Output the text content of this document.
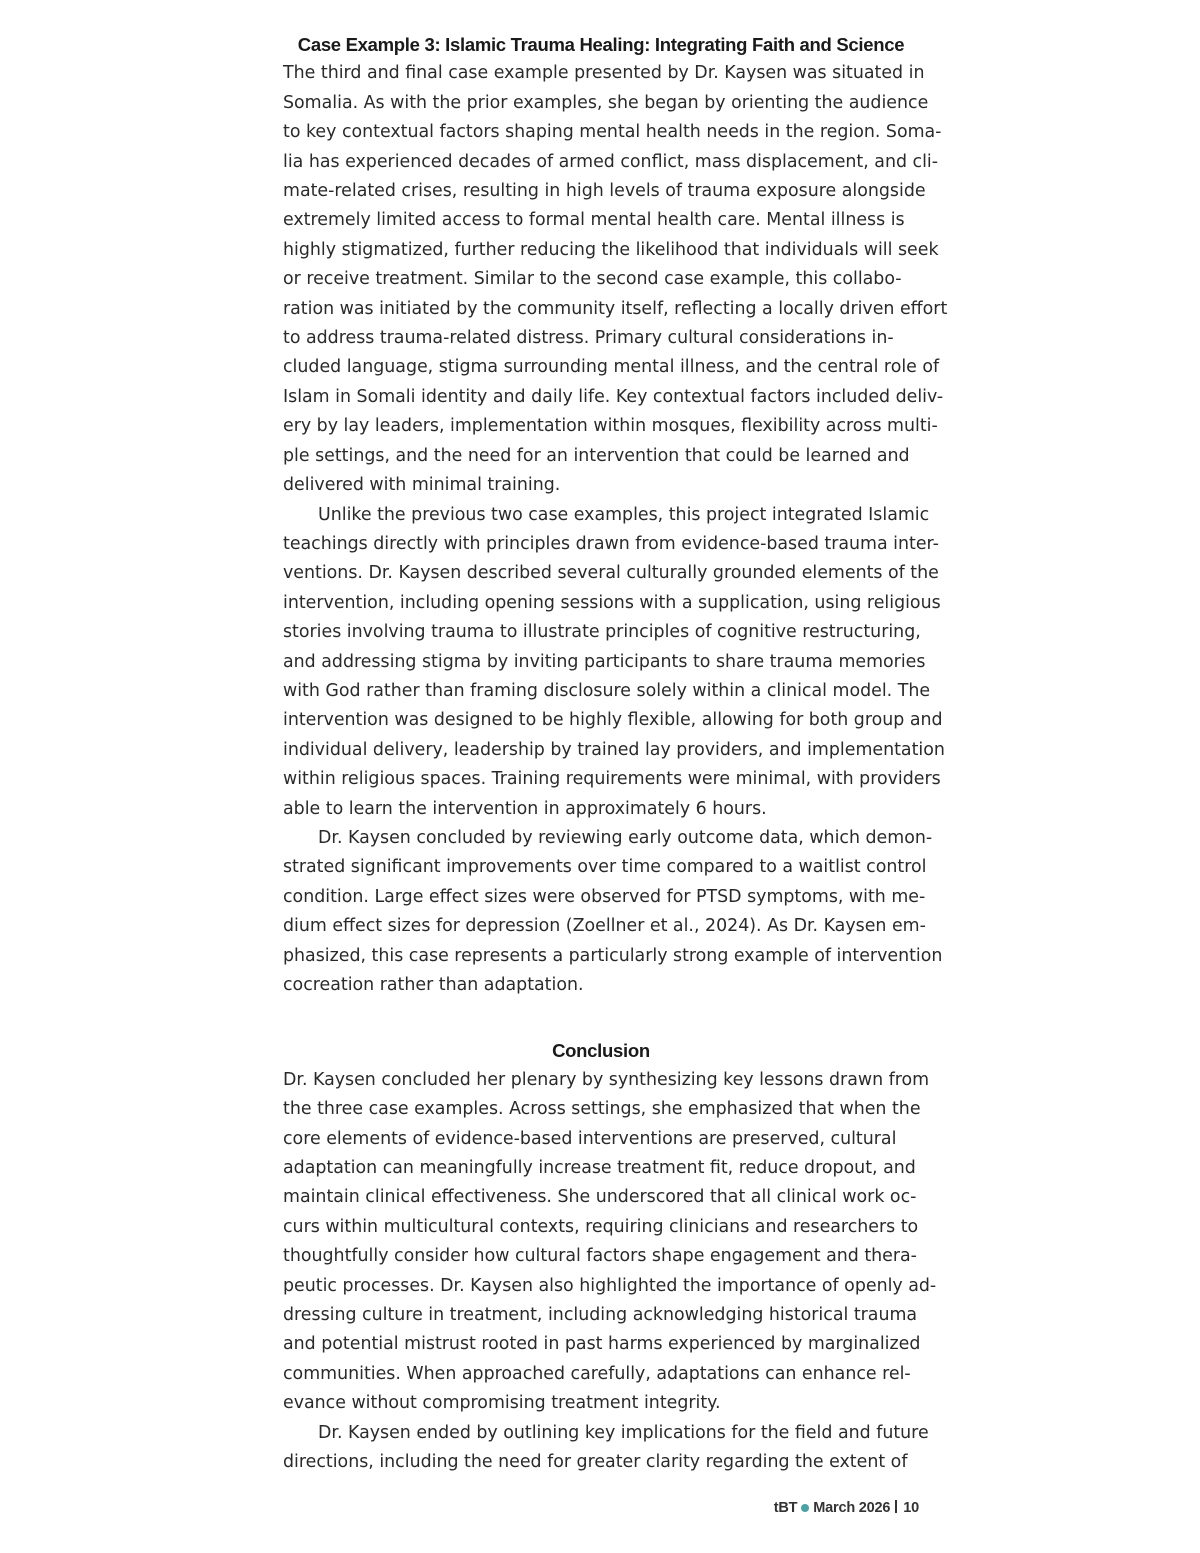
Case Example 3: Islamic Trauma Healing: Integrating Faith and Science

The third and final case example presented by Dr. Kaysen was situated in
Somalia. As with the prior examples, she began by orienting the audience
to key contextual factors shaping mental health needs in the region. Soma-
lia has experienced decades of armed conflict, mass displacement, and cli-
mate-related crises, resulting in high levels of trauma exposure alongside
extremely limited access to formal mental health care. Mental illness is
highly stigmatized, further reducing the likelihood that individuals will seek
or receive treatment. Similar to the second case example, this collabo-
ration was initiated by the community itself, reflecting a locally driven effort
to address trauma-related distress. Primary cultural considerations in-
cluded language, stigma surrounding mental illness, and the central role of
Islam in Somali identity and daily life. Key contextual factors included deliv-
ery by lay leaders, implementation within mosques, flexibility across multi-
ple settings, and the need for an intervention that could be learned and
delivered with minimal training.

Unlike the previous two case examples, this project integrated Islamic
teachings directly with principles drawn from evidence-based trauma inter-
ventions. Dr. Kaysen described several culturally grounded elements of the
intervention, including opening sessions with a supplication, using religious
stories involving trauma to illustrate principles of cognitive restructuring,
and addressing stigma by inviting participants to share trauma memories
with God rather than framing disclosure solely within a clinical model. The
intervention was designed to be highly flexible, allowing for both group and
individual delivery, leadership by trained lay providers, and implementation
within religious spaces. Training requirements were minimal, with providers
able to learn the intervention in approximately 6 hours.

Dr. Kaysen concluded by reviewing early outcome data, which demon-
strated significant improvements over time compared to a waitlist control
condition. Large effect sizes were observed for PTSD symptoms, with me-
dium effect sizes for depression (Zoellner et al., 2024). As Dr. Kaysen em-
phasized, this case represents a particularly strong example of intervention
cocreation rather than adaptation.

Conclusion

Dr. Kaysen concluded her plenary by synthesizing key lessons drawn from
the three case examples. Across settings, she emphasized that when the
core elements of evidence-based interventions are preserved, cultural
adaptation can meaningfully increase treatment fit, reduce dropout, and
maintain clinical effectiveness. She underscored that all clinical work oc-
curs within multicultural contexts, requiring clinicians and researchers to
thoughtfully consider how cultural factors shape engagement and thera-
peutic processes. Dr. Kaysen also highlighted the importance of openly ad-
dressing culture in treatment, including acknowledging historical trauma
and potential mistrust rooted in past harms experienced by marginalized
communities. When approached carefully, adaptations can enhance rel-
evance without compromising treatment integrity.

Dr. Kaysen ended by outlining key implications for the field and future
directions, including the need for greater clarity regarding the extent of

tBT March 2026 10
